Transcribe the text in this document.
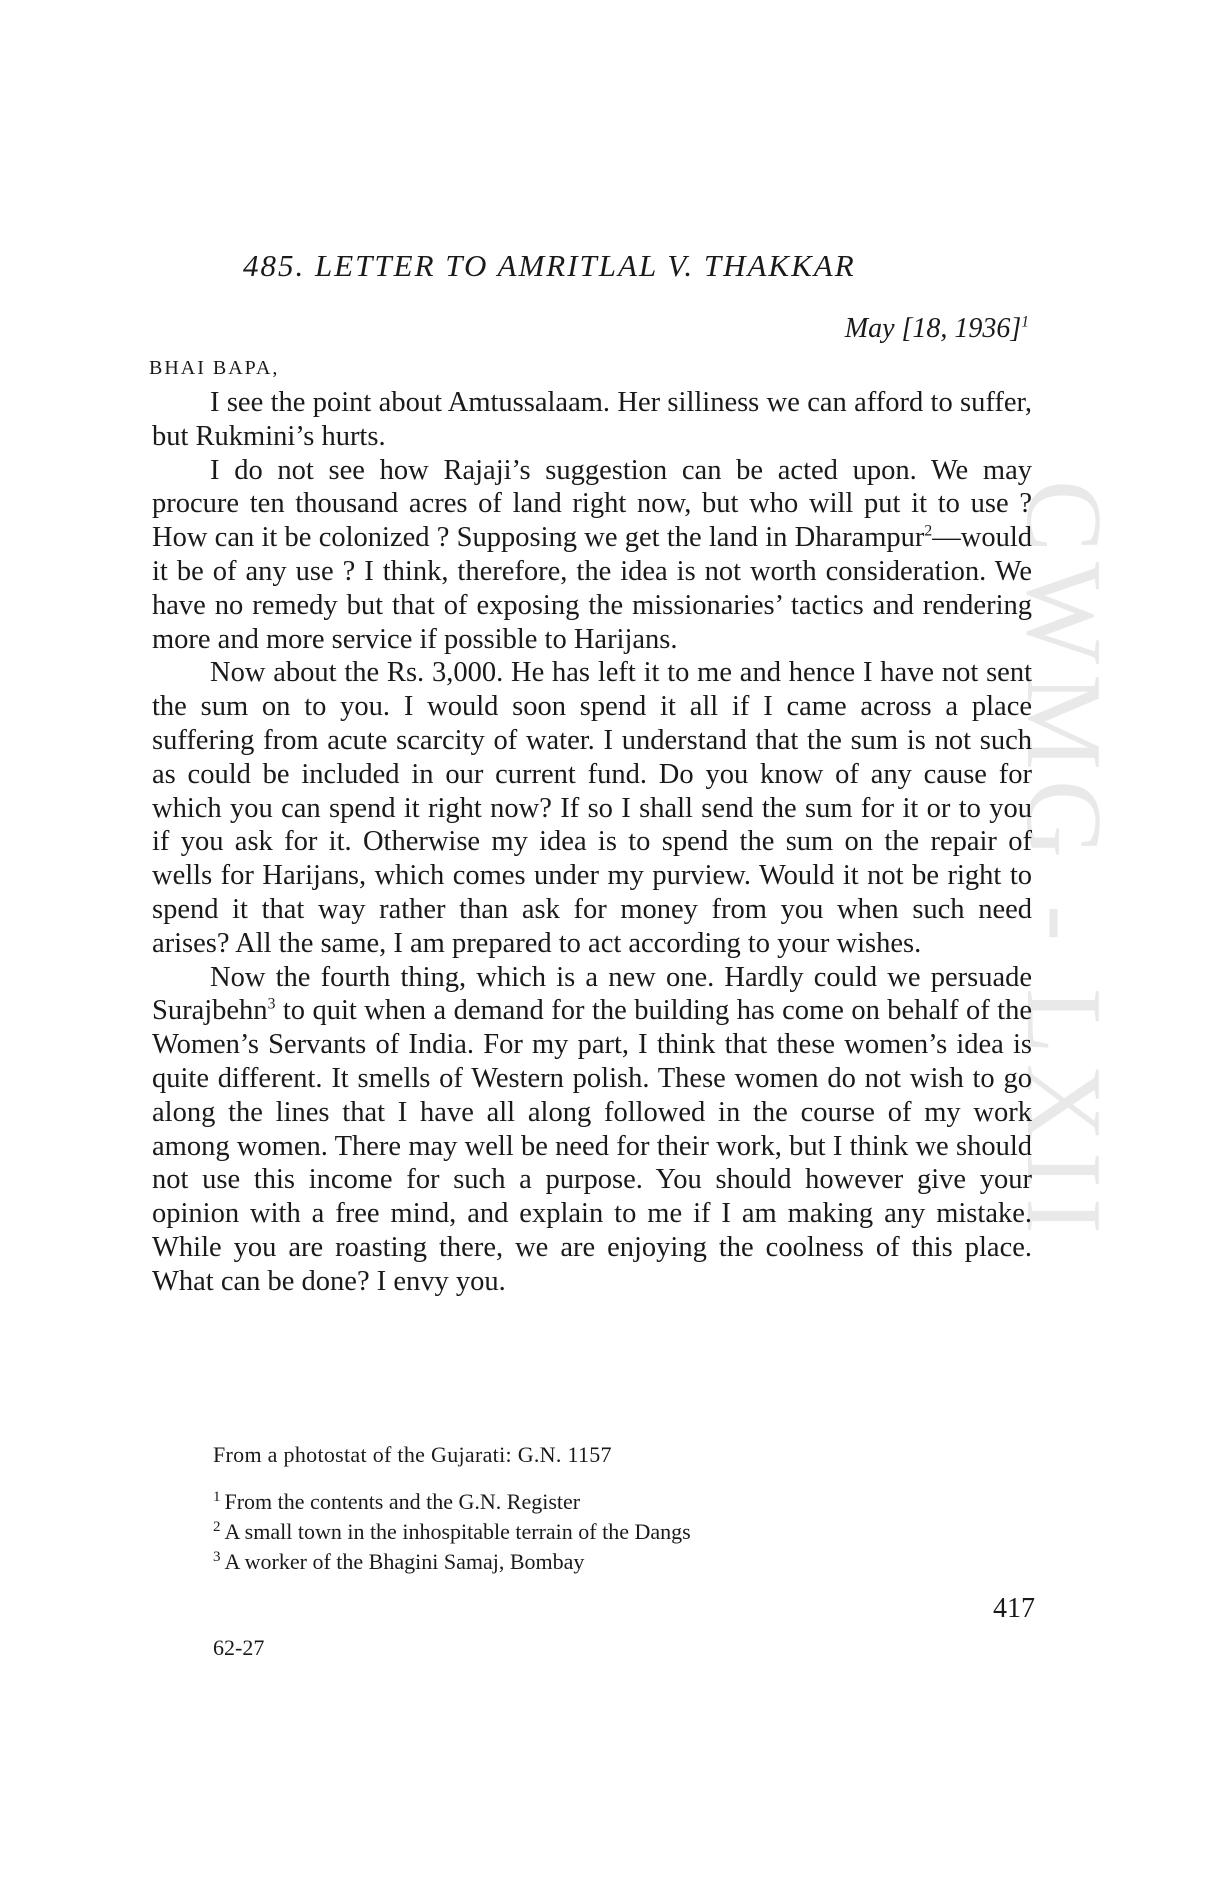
CWMG - LXII
485. LETTER TO AMRITLAL V. THAKKAR
May [18, 1936]$^1$
BHAI BAPA,

I see the point about Amtussalaam. Her silliness we can afford to suffer, but Rukmini’s hurts.

I do not see how Rajaji’s suggestion can be acted upon. We may procure ten thousand acres of land right now, but who will put it to use ? How can it be colonized ? Supposing we get the land in Dharampur$^2$—would it be of any use ? I think, therefore, the idea is not worth consideration. We have no remedy but that of exposing the missionaries’ tactics and rendering more and more service if possible to Harijans.

Now about the Rs. 3,000. He has left it to me and hence I have not sent the sum on to you. I would soon spend it all if I came across a place suffering from acute scarcity of water. I understand that the sum is not such as could be included in our current fund. Do you know of any cause for which you can spend it right now? If so I shall send the sum for it or to you if you ask for it. Otherwise my idea is to spend the sum on the repair of wells for Harijans, which comes under my purview. Would it not be right to spend it that way rather than ask for money from you when such need arises? All the same, I am prepared to act according to your wishes.

Now the fourth thing, which is a new one. Hardly could we persuade Surajbehn$^3$ to quit when a demand for the building has come on behalf of the Women’s Servants of India. For my part, I think that these women’s idea is quite different. It smells of Western polish. These women do not wish to go along the lines that I have all along followed in the course of my work among women. There may well be need for their work, but I think we should not use this income for such a purpose. You should however give your opinion with a free mind, and explain to me if I am making any mistake. While you are roasting there, we are enjoying the coolness of this place. What can be done? I envy you.

From a photostat of the Gujarati: G.N. 1157
$^1$ From the contents and the G.N. Register
$^2$ A small town in the inhospitable terrain of the Dangs
$^3$ A worker of the Bhagini Samaj, Bombay
417
62-27
